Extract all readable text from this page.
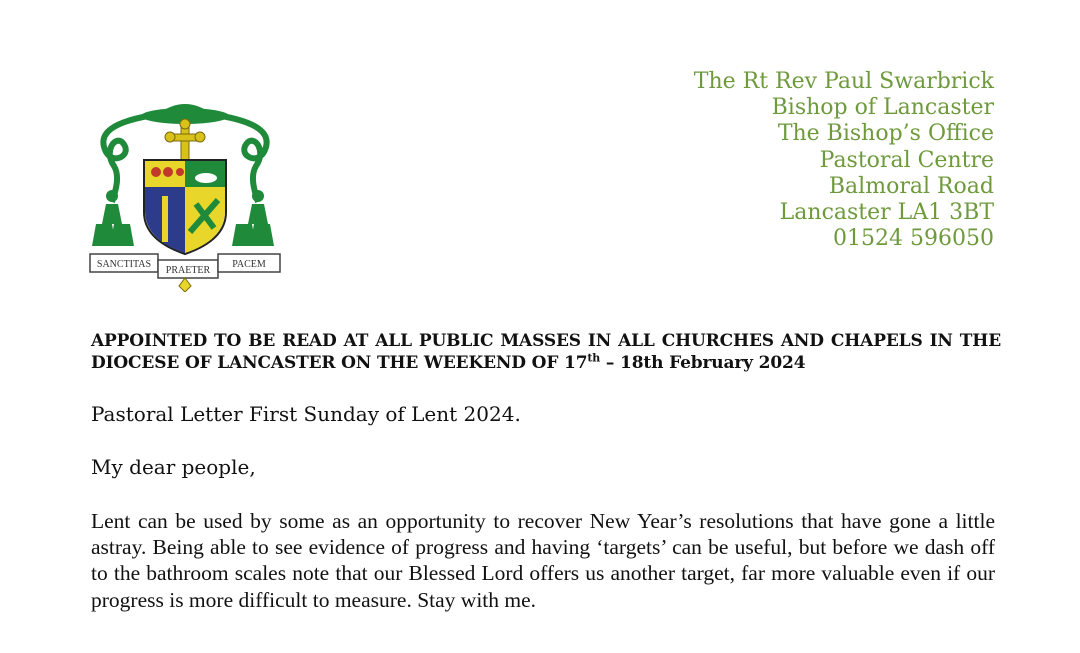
SANCTITAS
PRAETER
PACEM
The Rt Rev Paul Swarbrick
Bishop of Lancaster
The Bishop’s Office
Pastoral Centre
Balmoral Road
Lancaster LA1 3BT
01524 596050
APPOINTED TO BE READ AT ALL PUBLIC MASSES IN ALL CHURCHES AND CHAPELS IN THE DIOCESE OF LANCASTER ON THE WEEKEND OF 17th – 18th February 2024
Pastoral Letter First Sunday of Lent 2024.
My dear people,
Lent can be used by some as an opportunity to recover New Year’s resolutions that have gone a little astray. Being able to see evidence of progress and having ‘targets’ can be useful, but before we dash off to the bathroom scales note that our Blessed Lord offers us another target, far more valuable even if our progress is more difficult to measure. Stay with me.
